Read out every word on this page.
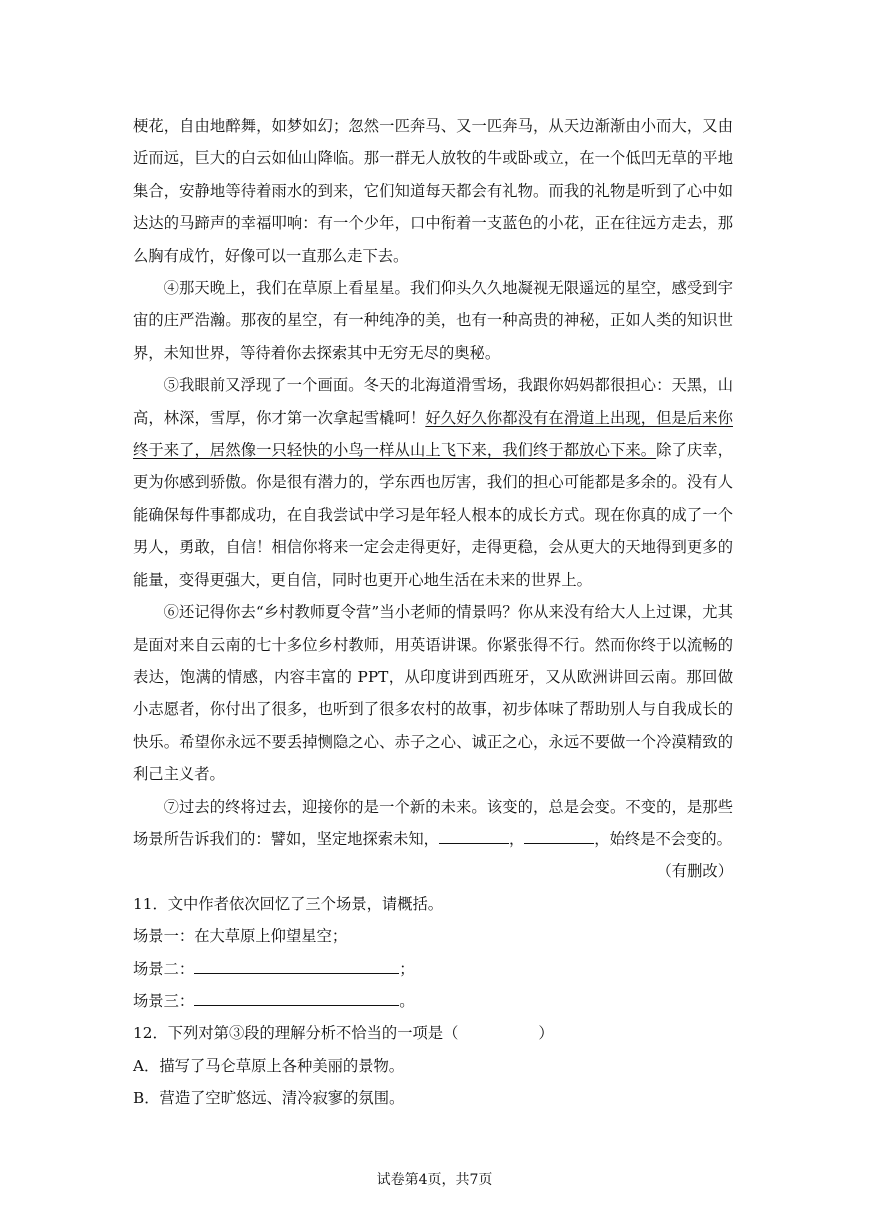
梗花，自由地醉舞，如梦如幻；忽然一匹奔马、又一匹奔马，从天边渐渐由小而大，又由近而远，巨大的白云如仙山降临。那一群无人放牧的牛或卧或立，在一个低凹无草的平地集合，安静地等待着雨水的到来，它们知道每天都会有礼物。而我的礼物是听到了心中如达达的马蹄声的幸福叩响：有一个少年，口中衔着一支蓝色的小花，正在往远方走去，那么胸有成竹，好像可以一直那么走下去。

④那天晚上，我们在草原上看星星。我们仰头久久地凝视无限遥远的星空，感受到宇宙的庄严浩瀚。那夜的星空，有一种纯净的美，也有一种高贵的神秘，正如人类的知识世界，未知世界，等待着你去探索其中无穷无尽的奥秘。

⑤我眼前又浮现了一个画面。冬天的北海道滑雪场，我跟你妈妈都很担心：天黑，山高，林深，雪厚，你才第一次拿起雪橇呵！好久好久你都没有在滑道上出现，但是后来你终于来了，居然像一只轻快的小鸟一样从山上飞下来，我们终于都放心下来。除了庆幸，更为你感到骄傲。你是很有潜力的，学东西也厉害，我们的担心可能都是多余的。没有人能确保每件事都成功，在自我尝试中学习是年轻人根本的成长方式。现在你真的成了一个男人，勇敢，自信！相信你将来一定会走得更好，走得更稳，会从更大的天地得到更多的能量，变得更强大，更自信，同时也更开心地生活在未来的世界上。

⑥还记得你去“乡村教师夏令营”当小老师的情景吗？你从来没有给大人上过课，尤其是面对来自云南的七十多位乡村教师，用英语讲课。你紧张得不行。然而你终于以流畅的表达，饱满的情感，内容丰富的 PPT，从印度讲到西班牙，又从欧洲讲回云南。那回做小志愿者，你付出了很多，也听到了很多农村的故事，初步体味了帮助别人与自我成长的快乐。希望你永远不要丢掉恻隐之心、赤子之心、诚正之心，永远不要做一个冷漠精致的利己主义者。

⑦过去的终将过去，迎接你的是一个新的未来。该变的，总是会变。不变的，是那些场景所告诉我们的：譬如，坚定地探索未知，	，	，始终是不会变的。

（有删改）

11．文中作者依次回忆了三个场景，请概括。

场景一：在大草原上仰望星空；

场景二：	；

场景三：	。

12．下列对第③段的理解分析不恰当的一项是（	）

A．描写了马仑草原上各种美丽的景物。

B．营造了空旷悠远、清冷寂寥的氛围。

试卷第4页，共7页
